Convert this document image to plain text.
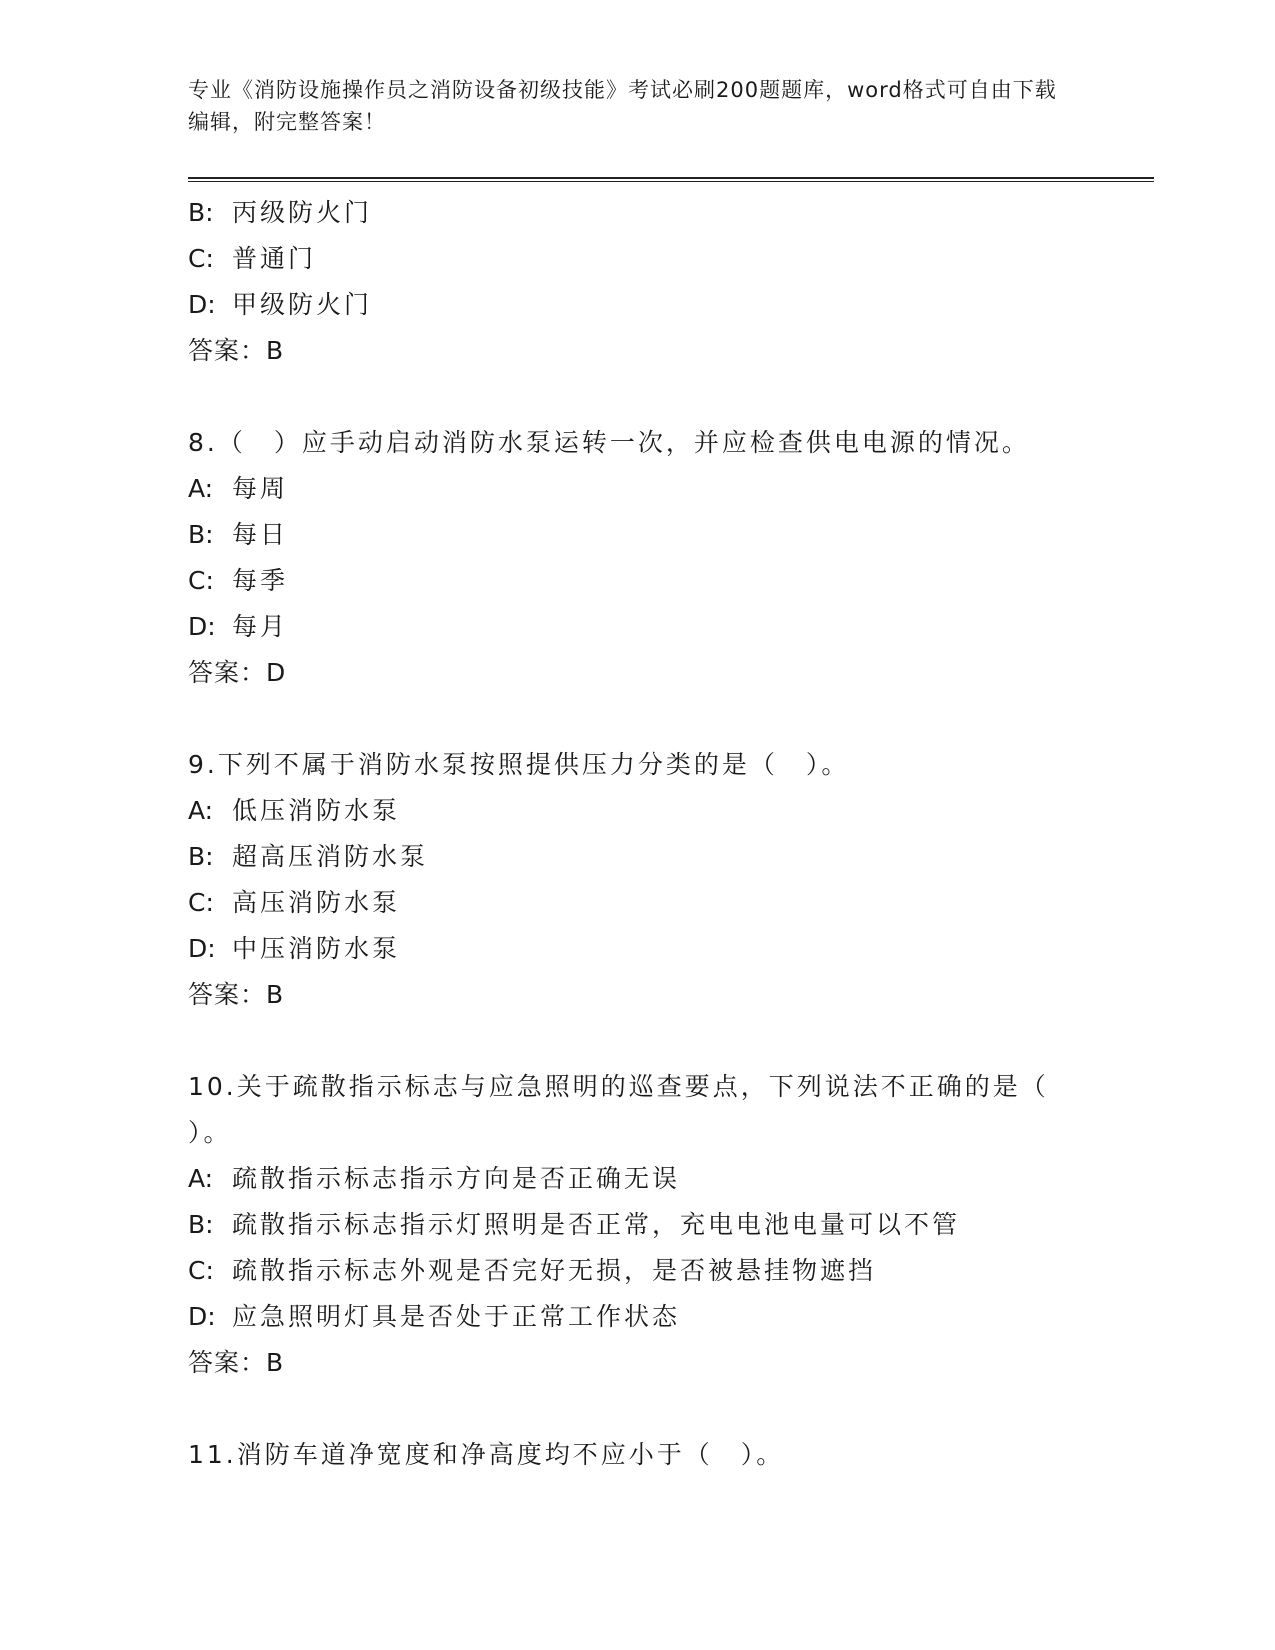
专业《消防设施操作员之消防设备初级技能》考试必刷200题题库，word格式可自由下载编辑，附完整答案！
B: 丙级防火门
C: 普通门
D: 甲级防火门
答案：B
8.（　）应手动启动消防水泵运转一次，并应检查供电电源的情况。
A: 每周
B: 每日
C: 每季
D: 每月
答案：D
9.下列不属于消防水泵按照提供压力分类的是（　）。
A: 低压消防水泵
B: 超高压消防水泵
C: 高压消防水泵
D: 中压消防水泵
答案：B
10.关于疏散指示标志与应急照明的巡查要点，下列说法不正确的是（
）。
A: 疏散指示标志指示方向是否正确无误
B: 疏散指示标志指示灯照明是否正常，充电电池电量可以不管
C: 疏散指示标志外观是否完好无损，是否被悬挂物遮挡
D: 应急照明灯具是否处于正常工作状态
答案：B
11.消防车道净宽度和净高度均不应小于（　）。
